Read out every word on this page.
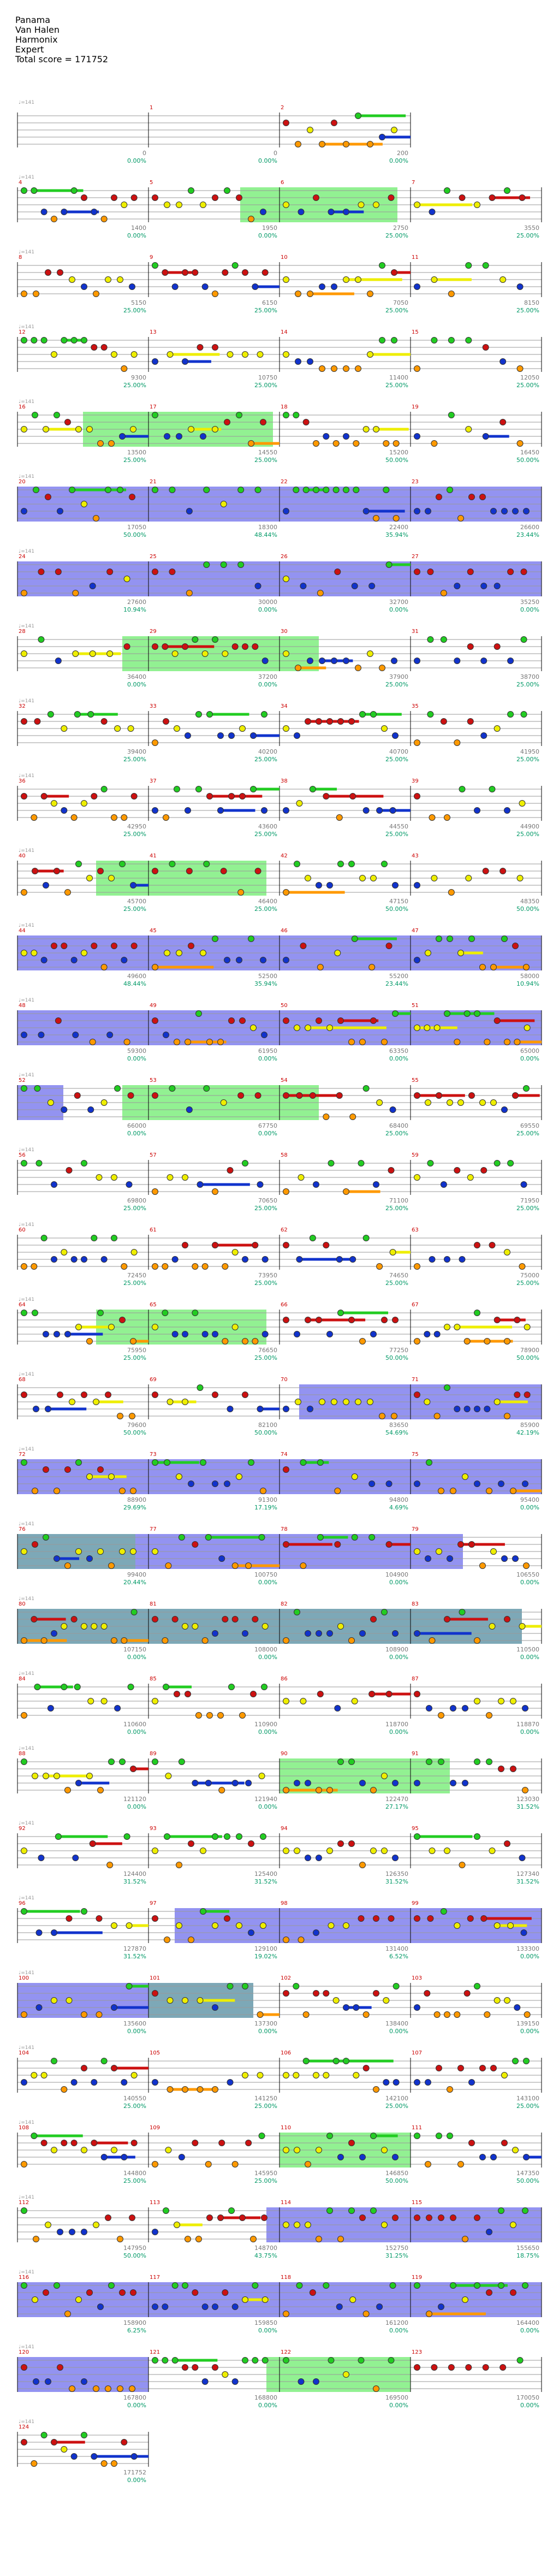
Panama
Van Halen
Harmonix
Expert
Total score = 171752
♩=141
0
0.00%
1
0
0.00%
2
200
0.00%
4
♩=141
1400
0.00%
5
1950
0.00%
6
2750
25.00%
7
3550
25.00%
8
♩=141
5150
25.00%
9
6150
25.00%
10
7050
25.00%
11
8150
25.00%
12
♩=141
9300
25.00%
13
10750
25.00%
14
11400
25.00%
15
12050
25.00%
16
♩=141
13500
25.00%
17
14550
25.00%
18
15200
50.00%
19
16450
50.00%
20
♩=141
17050
50.00%
21
18300
48.44%
22
22400
35.94%
23
26600
23.44%
24
♩=141
27600
10.94%
25
30000
0.00%
26
32700
0.00%
27
35250
0.00%
28
♩=141
36400
0.00%
29
37200
0.00%
30
37900
25.00%
31
38700
25.00%
32
♩=141
39400
25.00%
33
40200
25.00%
34
40700
25.00%
35
41950
25.00%
36
♩=141
42950
25.00%
37
43600
25.00%
38
44550
25.00%
39
44900
25.00%
40
♩=141
45700
25.00%
41
46400
25.00%
42
47150
50.00%
43
48350
50.00%
44
♩=141
49600
48.44%
45
52500
35.94%
46
55200
23.44%
47
58000
10.94%
48
♩=141
59300
0.00%
49
61950
0.00%
50
63350
0.00%
51
65000
0.00%
52
♩=141
66000
0.00%
53
67750
0.00%
54
68400
25.00%
55
69550
25.00%
56
♩=141
69800
25.00%
57
70650
25.00%
58
71100
25.00%
59
71950
25.00%
60
♩=141
72450
25.00%
61
73950
25.00%
62
74650
25.00%
63
75000
25.00%
64
♩=141
75950
25.00%
65
76650
25.00%
66
77250
50.00%
67
78900
50.00%
68
♩=141
79600
50.00%
69
82100
50.00%
70
83650
54.69%
71
85900
42.19%
72
♩=141
88900
29.69%
73
91300
17.19%
74
94800
4.69%
75
95400
0.00%
76
♩=141
99400
20.44%
77
100750
0.00%
78
104900
0.00%
79
106550
0.00%
80
♩=141
107150
0.00%
81
108000
0.00%
82
108900
0.00%
83
110500
0.00%
84
♩=141
110600
0.00%
85
110900
0.00%
86
118700
0.00%
87
118870
0.00%
88
♩=141
121120
0.00%
89
121940
0.00%
90
122470
27.17%
91
123030
31.52%
92
♩=141
124400
31.52%
93
125400
31.52%
94
126350
31.52%
95
127340
31.52%
96
♩=141
127870
31.52%
97
129100
19.02%
98
131400
6.52%
99
133300
0.00%
100
♩=141
135600
0.00%
101
137300
0.00%
102
138400
0.00%
103
139150
0.00%
104
♩=141
140550
25.00%
105
141250
25.00%
106
142100
25.00%
107
143100
25.00%
108
♩=141
144800
25.00%
109
145950
25.00%
110
146850
50.00%
111
147350
50.00%
112
♩=141
147950
50.00%
113
148700
43.75%
114
152750
31.25%
115
155650
18.75%
116
♩=141
158900
6.25%
117
159850
0.00%
118
161200
0.00%
119
164400
0.00%
120
♩=141
167800
0.00%
121
168800
0.00%
122
169500
0.00%
123
170050
0.00%
124
♩=141
171752
0.00%
